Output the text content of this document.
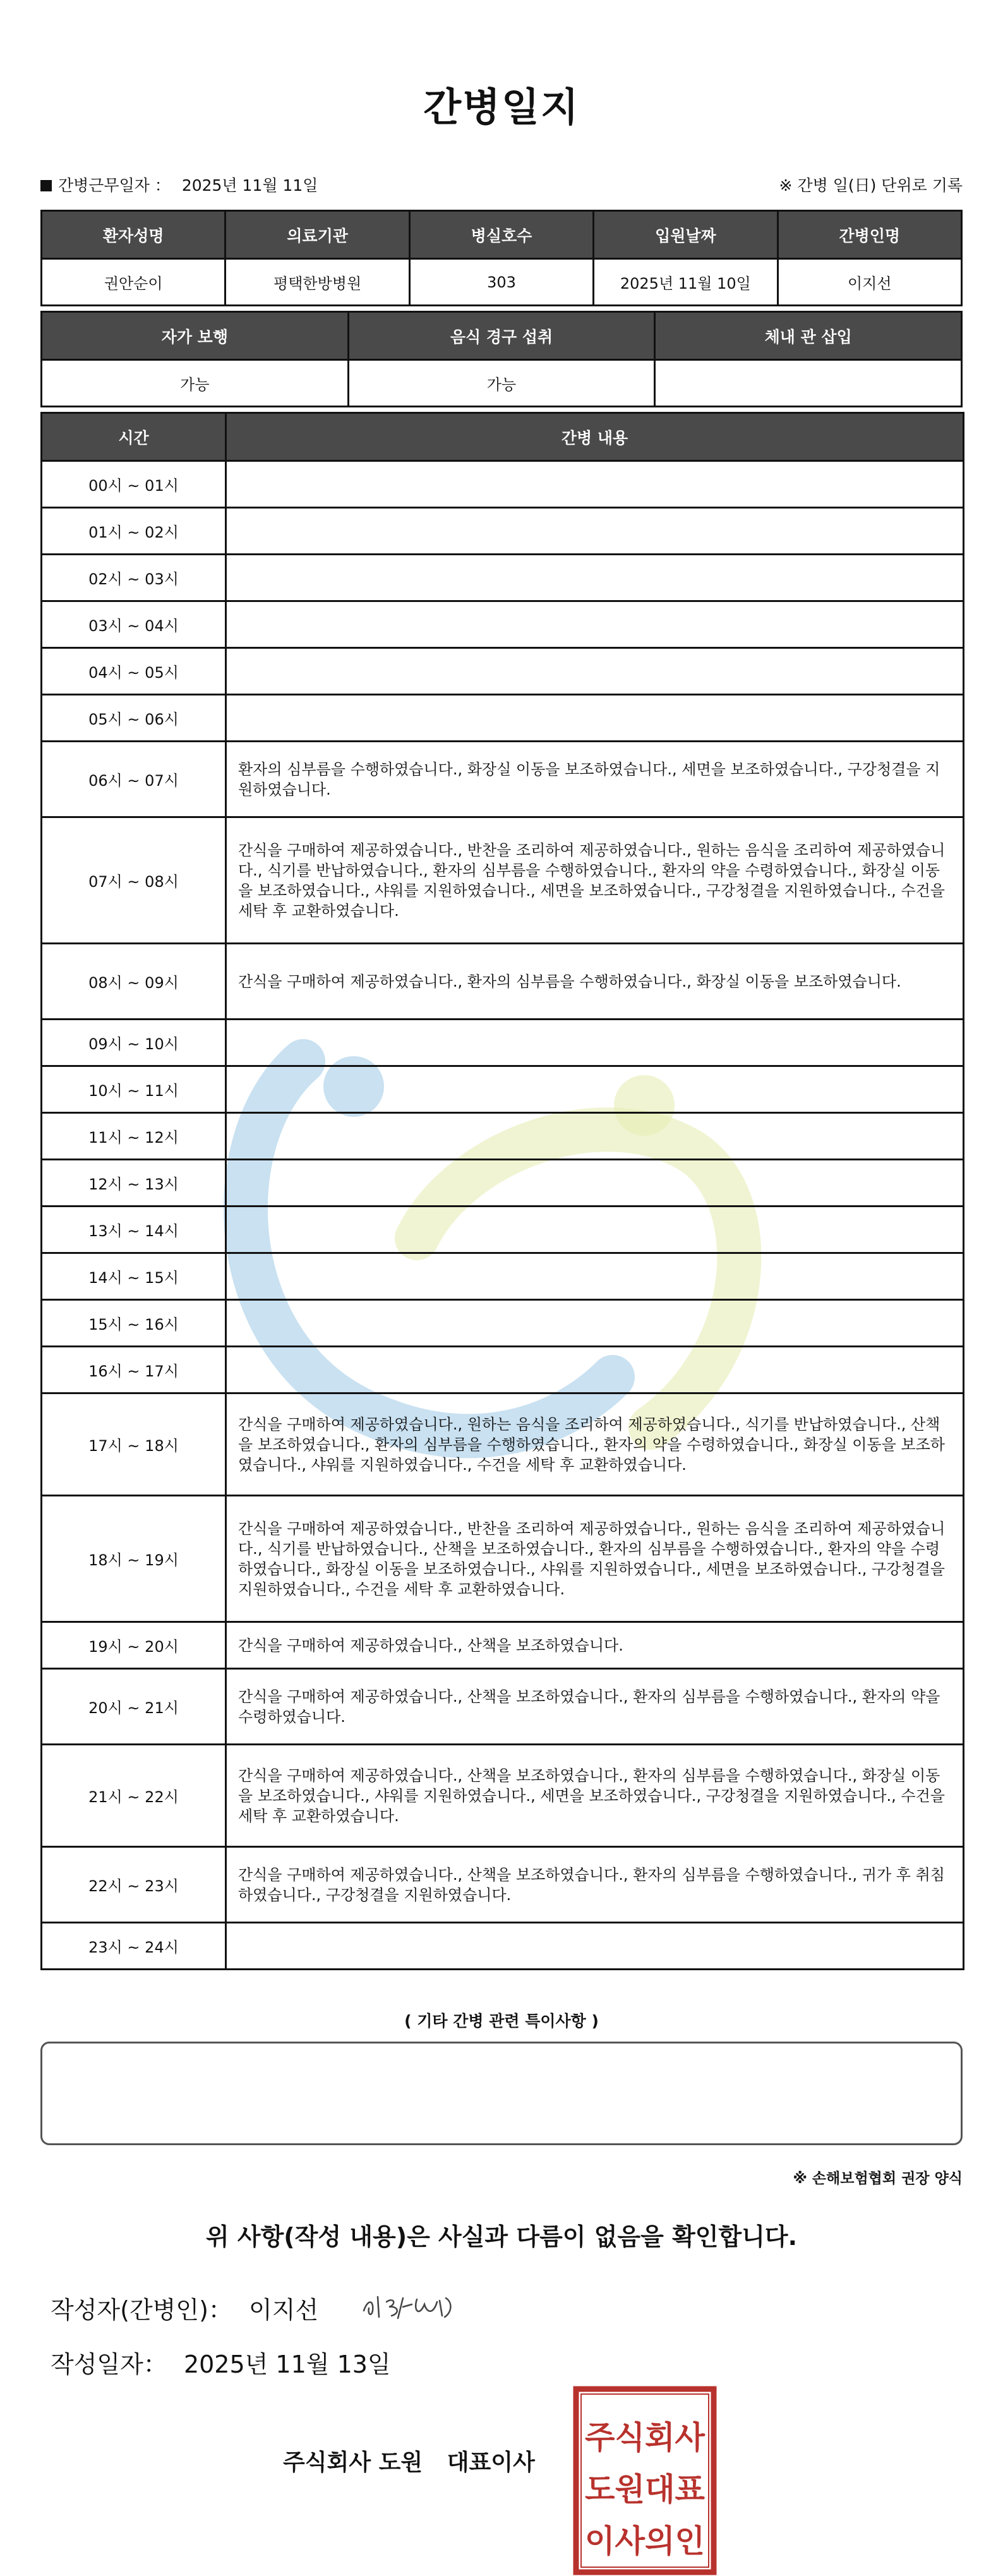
간병일지
간병근무일자 ： 2025년 11월 11일	※ 간병 일(日) 단위로 기록
환자성명	의료기관	병실호수	입원날짜	간병인명
권안순이	평택한방병원	303	2025년 11월 10일	이지선
자가 보행	음식 경구 섭취	체내 관 삽입
가능	가능	
시간	간병 내용
00시 ~ 01시	
01시 ~ 02시	
02시 ~ 03시	
03시 ~ 04시	
04시 ~ 05시	
05시 ~ 06시	
06시 ~ 07시	환자의 심부름을 수행하였습니다., 화장실 이동을 보조하였습니다., 세면을 보조하였습니다., 구강청결을 지원하였습니다.
07시 ~ 08시	간식을 구매하여 제공하였습니다., 반찬을 조리하여 제공하였습니다., 원하는 음식을 조리하여 제공하였습니다., 식기를 반납하였습니다., 환자의 심부름을 수행하였습니다., 환자의 약을 수령하였습니다., 화장실 이동을 보조하였습니다., 샤워를 지원하였습니다., 세면을 보조하였습니다., 구강청결을 지원하였습니다., 수건을 세탁 후 교환하였습니다.
08시 ~ 09시	간식을 구매하여 제공하였습니다., 환자의 심부름을 수행하였습니다., 화장실 이동을 보조하였습니다.
09시 ~ 10시	
10시 ~ 11시	
11시 ~ 12시	
12시 ~ 13시	
13시 ~ 14시	
14시 ~ 15시	
15시 ~ 16시	
16시 ~ 17시	
17시 ~ 18시	간식을 구매하여 제공하였습니다., 원하는 음식을 조리하여 제공하였습니다., 식기를 반납하였습니다., 산책을 보조하였습니다., 환자의 심부름을 수행하였습니다., 환자의 약을 수령하였습니다., 화장실 이동을 보조하였습니다., 샤워를 지원하였습니다., 수건을 세탁 후 교환하였습니다.
18시 ~ 19시	간식을 구매하여 제공하였습니다., 반찬을 조리하여 제공하였습니다., 원하는 음식을 조리하여 제공하였습니다., 식기를 반납하였습니다., 산책을 보조하였습니다., 환자의 심부름을 수행하였습니다., 환자의 약을 수령하였습니다., 화장실 이동을 보조하였습니다., 샤워를 지원하였습니다., 세면을 보조하였습니다., 구강청결을 지원하였습니다., 수건을 세탁 후 교환하였습니다.
19시 ~ 20시	간식을 구매하여 제공하였습니다., 산책을 보조하였습니다.
20시 ~ 21시	간식을 구매하여 제공하였습니다., 산책을 보조하였습니다., 환자의 심부름을 수행하였습니다., 환자의 약을 수령하였습니다.
21시 ~ 22시	간식을 구매하여 제공하였습니다., 산책을 보조하였습니다., 환자의 심부름을 수행하였습니다., 화장실 이동을 보조하였습니다., 샤워를 지원하였습니다., 세면을 보조하였습니다., 구강청결을 지원하였습니다., 수건을 세탁 후 교환하였습니다.
22시 ~ 23시	간식을 구매하여 제공하였습니다., 산책을 보조하였습니다., 환자의 심부름을 수행하였습니다., 귀가 후 취침하였습니다., 구강청결을 지원하였습니다.
23시 ~ 24시	
( 기타 간병 관련 특이사항 )
※ 손해보험협회 권장 양식
위 사항(작성 내용)은 사실과 다름이 없음을 확인합니다.
작성자(간병인)： 이지선
작성일자： 2025년 11월 13일
주식회사 도원 대표이사
주식회사
도원대표
이사의인
